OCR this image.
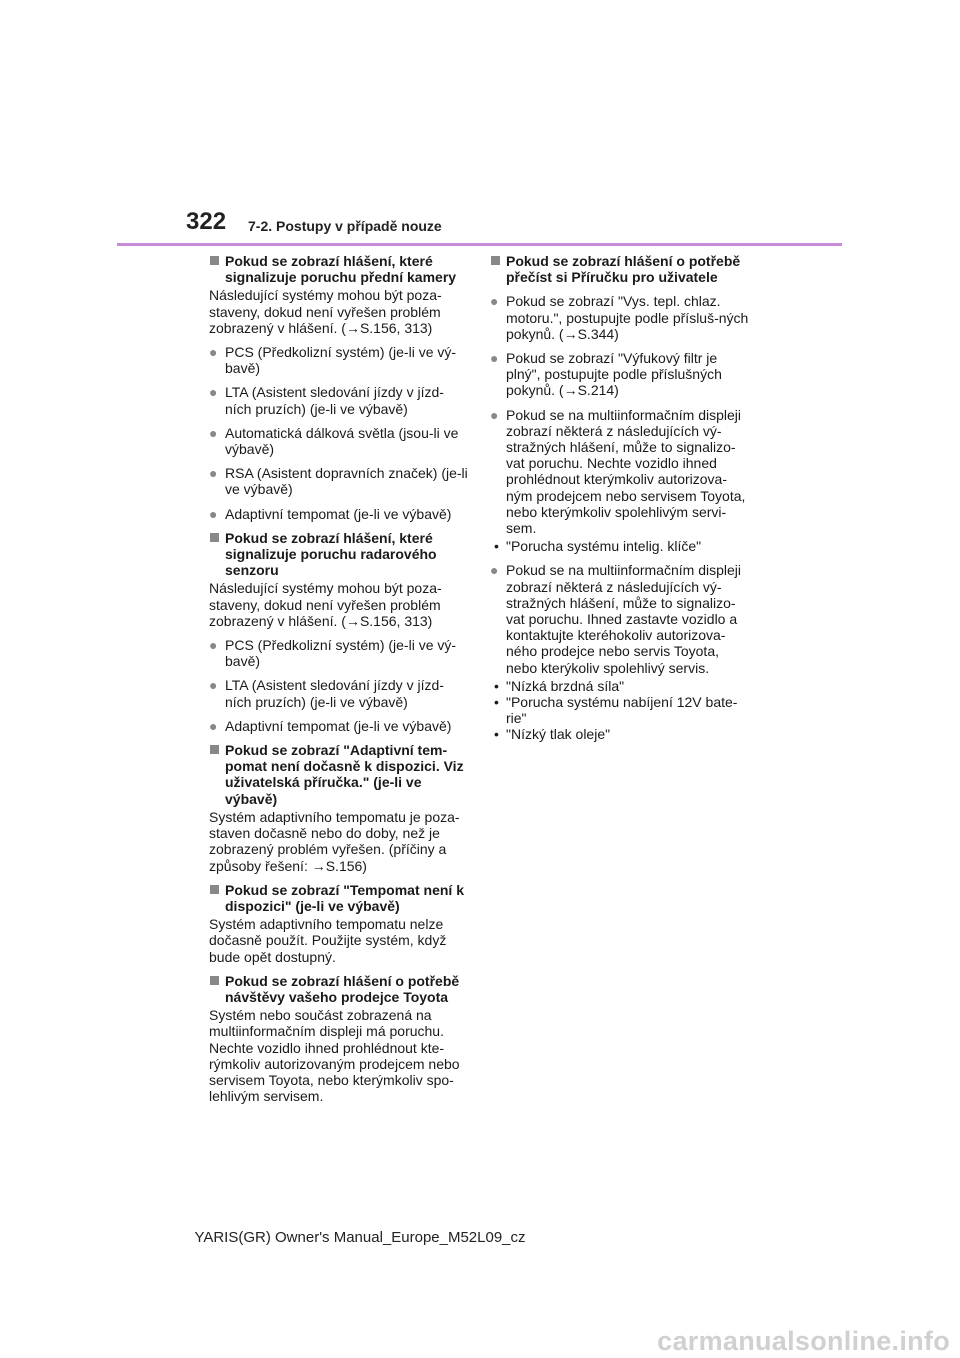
322 7-2. Postupy v případě nouze
Pokud se zobrazí hlášení, které signalizuje poruchu přední kamery
Následující systémy mohou být poza-staveny, dokud není vyřešen problém zobrazený v hlášení. (→S.156, 313)
● PCS (Předkolizní systém) (je-li ve vý-bavě)
● LTA (Asistent sledování jízdy v jízd-ních pruzích) (je-li ve výbavě)
● Automatická dálková světla (jsou-li ve výbavě)
● RSA (Asistent dopravních značek) (je-li ve výbavě)
● Adaptivní tempomat (je-li ve výbavě)
Pokud se zobrazí hlášení, které signalizuje poruchu radarového senzoru
Následující systémy mohou být poza-staveny, dokud není vyřešen problém zobrazený v hlášení. (→S.156, 313)
● PCS (Předkolizní systém) (je-li ve vý-bavě)
● LTA (Asistent sledování jízdy v jízd-ních pruzích) (je-li ve výbavě)
● Adaptivní tempomat (je-li ve výbavě)
Pokud se zobrazí "Adaptivní tem-pomat není dočasně k dispozici. Viz uživatelská příručka." (je-li ve výbavě)
Systém adaptivního tempomatu je poza-staven dočasně nebo do doby, než je zobrazený problém vyřešen. (příčiny a způsoby řešení: →S.156)
Pokud se zobrazí "Tempomat není k dispozici" (je-li ve výbavě)
Systém adaptivního tempomatu nelze dočasně použít. Použijte systém, když bude opět dostupný.
Pokud se zobrazí hlášení o potřebě návštěvy vašeho prodejce Toyota
Systém nebo součást zobrazená na multiinformačním displeji má poruchu. Nechte vozidlo ihned prohlédnout kte-rýmkoliv autorizovaným prodejcem nebo servisem Toyota, nebo kterýmkoliv spo-lehlivým servisem.
Pokud se zobrazí hlášení o potřebě přečíst si Příručku pro uživatele
● Pokud se zobrazí "Vys. tepl. chlaz. motoru.", postupujte podle přísluš-ných pokynů. (→S.344)
● Pokud se zobrazí "Výfukový filtr je plný", postupujte podle příslušných pokynů. (→S.214)
● Pokud se na multiinformačním displeji zobrazí některá z následujících vý-stražných hlášení, může to signalizo-vat poruchu. Nechte vozidlo ihned prohlédnout kterýmkoliv autorizova-ným prodejcem nebo servisem Toyota, nebo kterýmkoliv spolehlivým servi-sem.
• "Porucha systému intelig. klíče"
● Pokud se na multiinformačním displeji zobrazí některá z následujících vý-stražných hlášení, může to signalizo-vat poruchu. Ihned zastavte vozidlo a kontaktujte kteréhokoliv autorizova-ného prodejce nebo servis Toyota, nebo kterýkoliv spolehlivý servis.
• "Nízká brzdná síla"
• "Porucha systému nabíjení 12V bate-rie"
• "Nízký tlak oleje"
YARIS(GR) Owner's Manual_Europe_M52L09_cz
carmanualsonline.info
